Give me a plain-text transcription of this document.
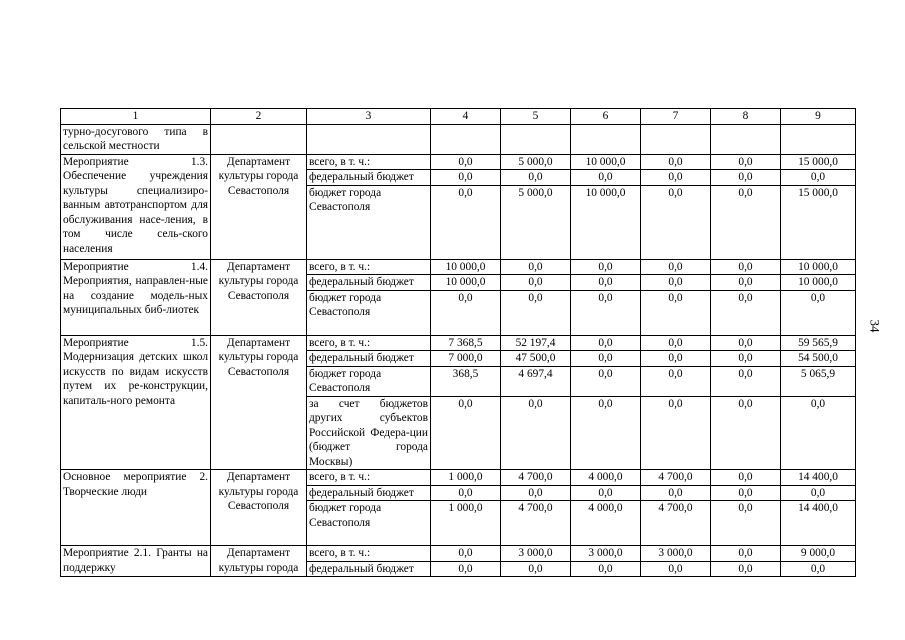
1	2	3	4	5	6	7	8	9
турно-досугового типа в сельской местности								
Мероприятие 1.3. Обеспечение учреждения культуры специализиро-ванным автотранспортом для обслуживания насе-ления, в том числе сель-ского населения	Департамент культуры города Севастополя	всего, в т. ч.:	0,0	5 000,0	10 000,0	0,0	0,0	15 000,0
		федеральный бюджет	0,0	0,0	0,0	0,0	0,0	0,0
		бюджет города Севастополя	0,0	5 000,0	10 000,0	0,0	0,0	15 000,0
Мероприятие 1.4. Мероприятия, направлен-ные на создание модель-ных муниципальных биб-лиотек	Департамент культуры города Севастополя	всего, в т. ч.:	10 000,0	0,0	0,0	0,0	0,0	10 000,0
		федеральный бюджет	10 000,0	0,0	0,0	0,0	0,0	10 000,0
		бюджет города Севастополя	0,0	0,0	0,0	0,0	0,0	0,0
Мероприятие 1.5. Модернизация детских школ искусств по видам искусств путем их ре-конструкции, капиталь-ного ремонта	Департамент культуры города Севастополя	всего, в т. ч.:	7 368,5	52 197,4	0,0	0,0	0,0	59 565,9
		федеральный бюджет	7 000,0	47 500,0	0,0	0,0	0,0	54 500,0
		бюджет города Севастополя	368,5	4 697,4	0,0	0,0	0,0	5 065,9
		за счет бюджетов других субъектов Российской Федера-ции (бюджет города Москвы)	0,0	0,0	0,0	0,0	0,0	0,0
Основное мероприятие 2. Творческие люди	Департамент культуры города Севастополя	всего, в т. ч.:	1 000,0	4 700,0	4 000,0	4 700,0	0,0	14 400,0
		федеральный бюджет	0,0	0,0	0,0	0,0	0,0	0,0
		бюджет города Севастополя	1 000,0	4 700,0	4 000,0	4 700,0	0,0	14 400,0
Мероприятие 2.1. Гранты на поддержку	Департамент культуры города	всего, в т. ч.:	0,0	3 000,0	3 000,0	3 000,0	0,0	9 000,0
		федеральный бюджет	0,0	0,0	0,0	0,0	0,0	0,0
34
